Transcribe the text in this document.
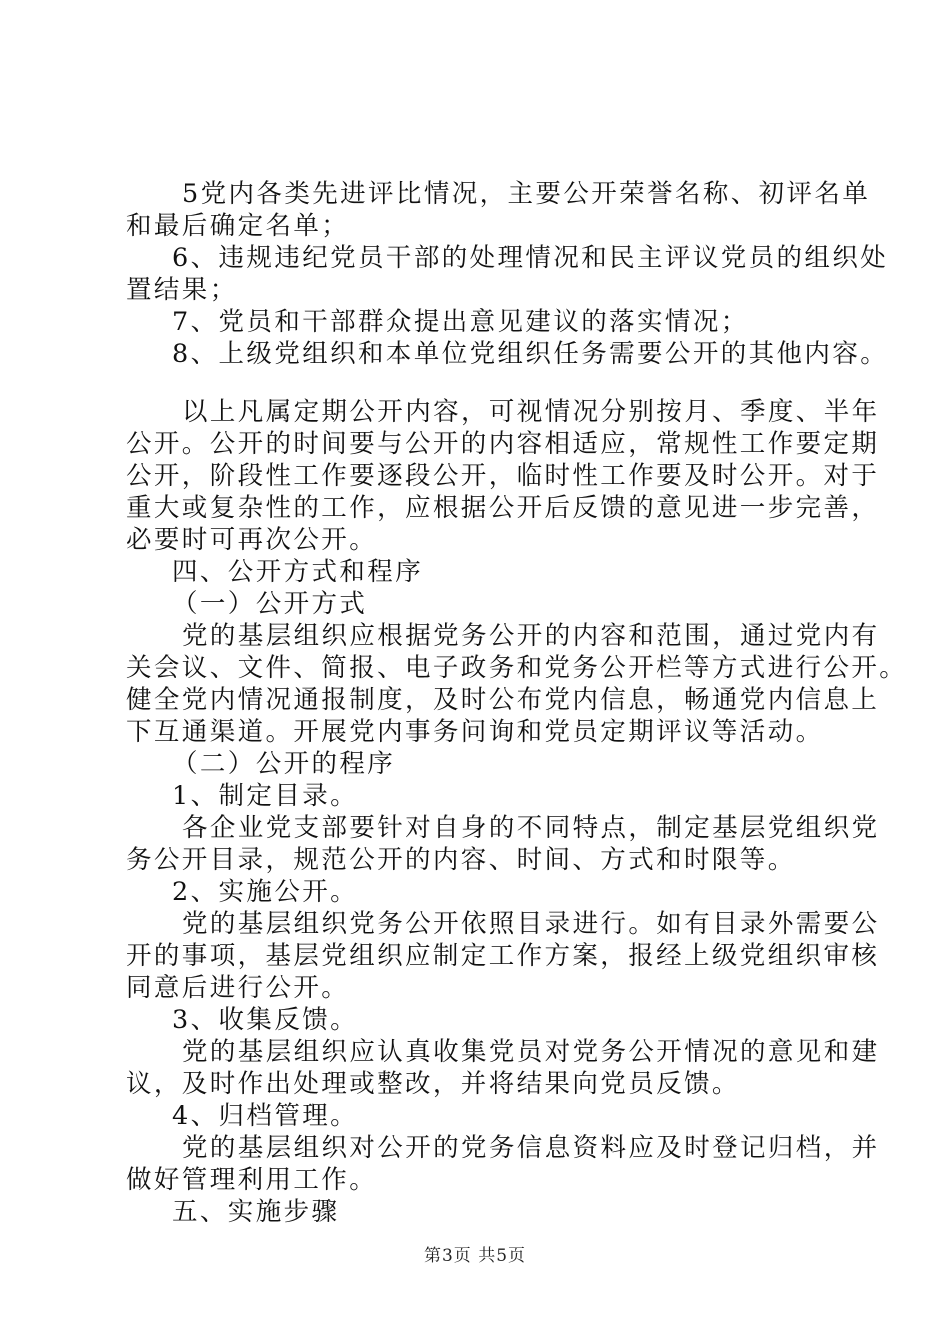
5党内各类先进评比情况，主要公开荣誉名称、初评名单
和最后确定名单；
6、违规违纪党员干部的处理情况和民主评议党员的组织处
置结果；
7、党员和干部群众提出意见建议的落实情况；
8、上级党组织和本单位党组织任务需要公开的其他内容。
以上凡属定期公开内容，可视情况分别按月、季度、半年
公开。公开的时间要与公开的内容相适应，常规性工作要定期
公开，阶段性工作要逐段公开，临时性工作要及时公开。对于
重大或复杂性的工作，应根据公开后反馈的意见进一步完善，
必要时可再次公开。
四、公开方式和程序
（一）公开方式
党的基层组织应根据党务公开的内容和范围，通过党内有
关会议、文件、简报、电子政务和党务公开栏等方式进行公开。
健全党内情况通报制度，及时公布党内信息，畅通党内信息上
下互通渠道。开展党内事务问询和党员定期评议等活动。
（二）公开的程序
1、制定目录。
各企业党支部要针对自身的不同特点，制定基层党组织党
务公开目录，规范公开的内容、时间、方式和时限等。
2、实施公开。
党的基层组织党务公开依照目录进行。如有目录外需要公
开的事项，基层党组织应制定工作方案，报经上级党组织审核
同意后进行公开。
3、收集反馈。
党的基层组织应认真收集党员对党务公开情况的意见和建
议，及时作出处理或整改，并将结果向党员反馈。
4、归档管理。
党的基层组织对公开的党务信息资料应及时登记归档，并
做好管理利用工作。
五、实施步骤
第3页 共5页
